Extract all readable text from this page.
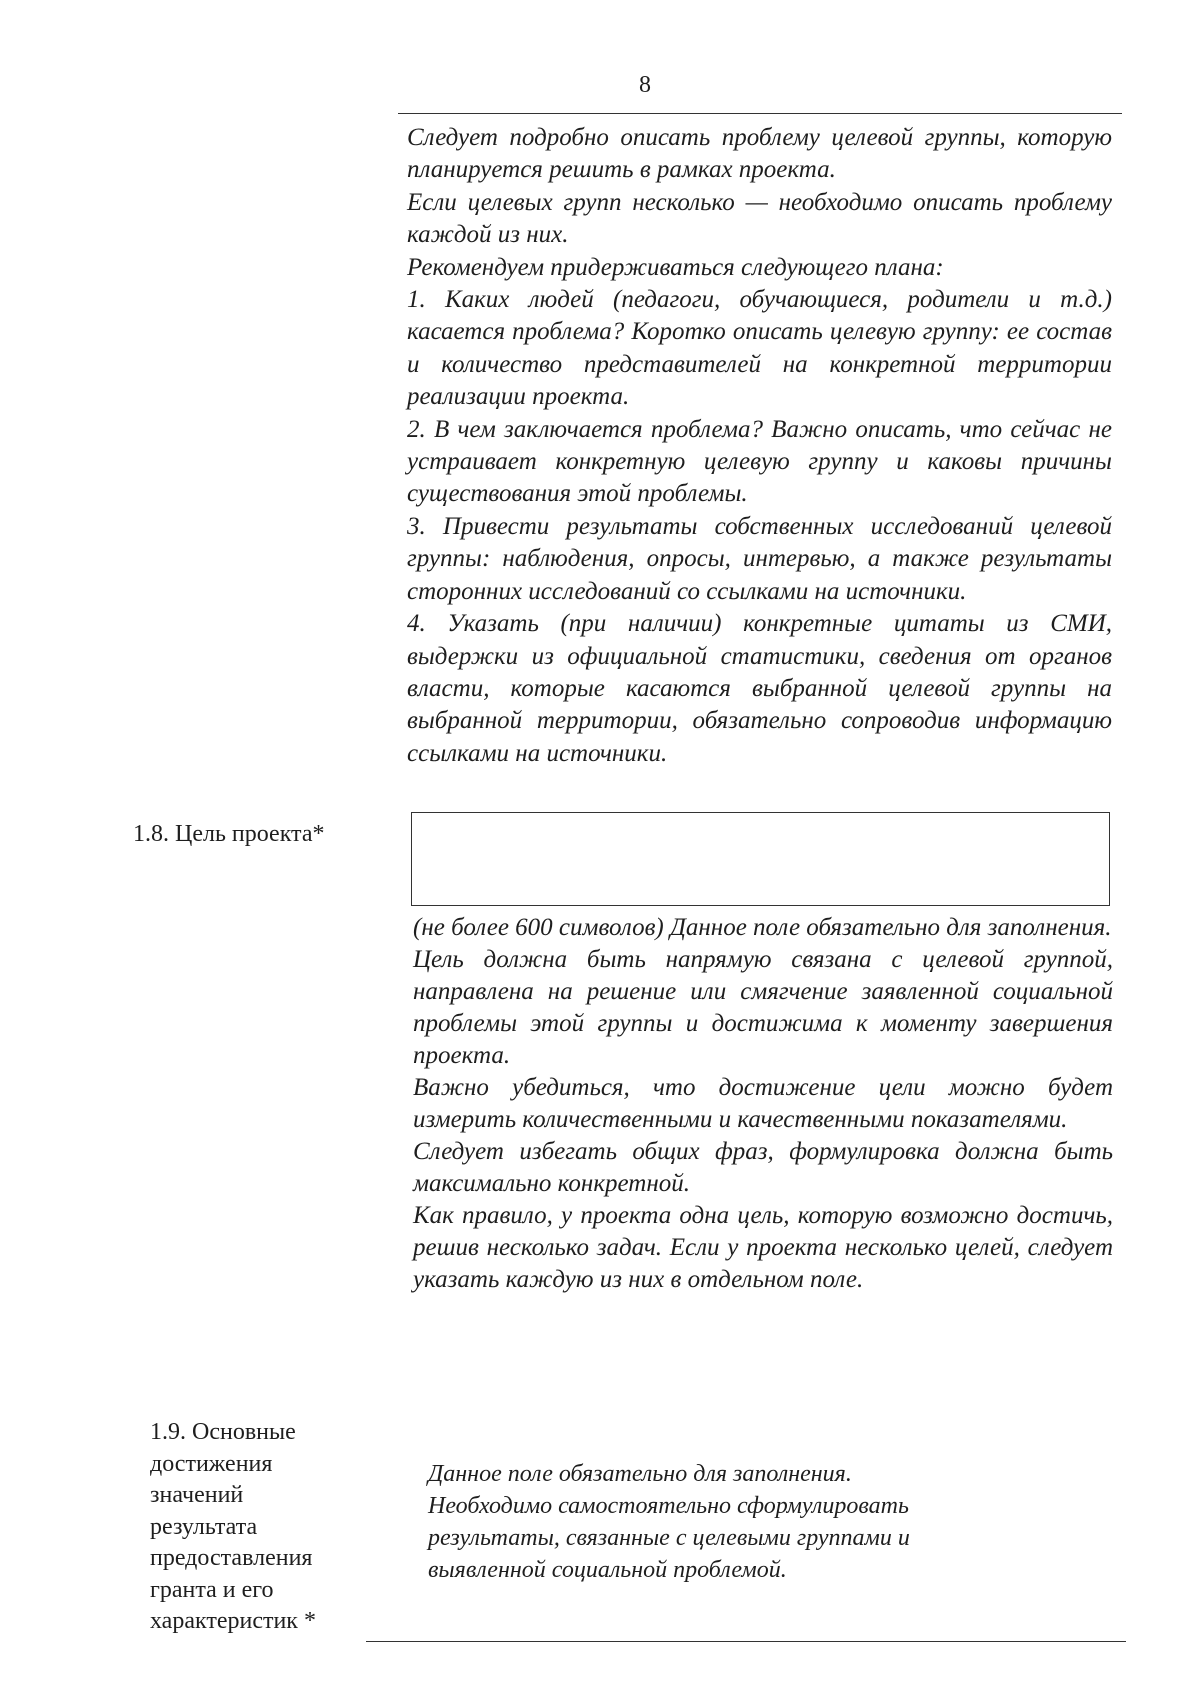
8

Следует подробно описать проблему целевой группы, которую планируется решить в рамках проекта.

Если целевых групп несколько — необходимо описать проблему каждой из них.

Рекомендуем придерживаться следующего плана:

1. Каких людей (педагоги, обучающиеся, родители и т.д.) касается проблема? Коротко описать целевую группу: ее состав и количество представителей на конкретной территории реализации проекта.

2. В чем заключается проблема? Важно описать, что сейчас не устраивает конкретную целевую группу и каковы причины существования этой проблемы.

3. Привести результаты собственных исследований целевой группы: наблюдения, опросы, интервью, а также результаты сторонних исследований со ссылками на источники.

4. Указать (при наличии) конкретные цитаты из СМИ, выдержки из официальной статистики, сведения от органов власти, которые касаются выбранной целевой группы на выбранной территории, обязательно сопроводив информацию ссылками на источники.

1.8. Цель проекта*

(не более 600 символов) Данное поле обязательно для заполнения.

Цель должна быть напрямую связана с целевой группой, направлена на решение или смягчение заявленной социальной проблемы этой группы и достижима к моменту завершения проекта.

Важно убедиться, что достижение цели можно будет измерить количественными и качественными показателями.

Следует избегать общих фраз, формулировка должна быть максимально конкретной.

Как правило, у проекта одна цель, которую возможно достичь, решив несколько задач. Если у проекта несколько целей, следует указать каждую из них в отдельном поле.

1.9. Основные
достижения
значений
результата
предоставления
гранта и его
характеристик *

Данное поле обязательно для заполнения.

Необходимо самостоятельно сформулировать результаты, связанные с целевыми группами и выявленной социальной проблемой.
